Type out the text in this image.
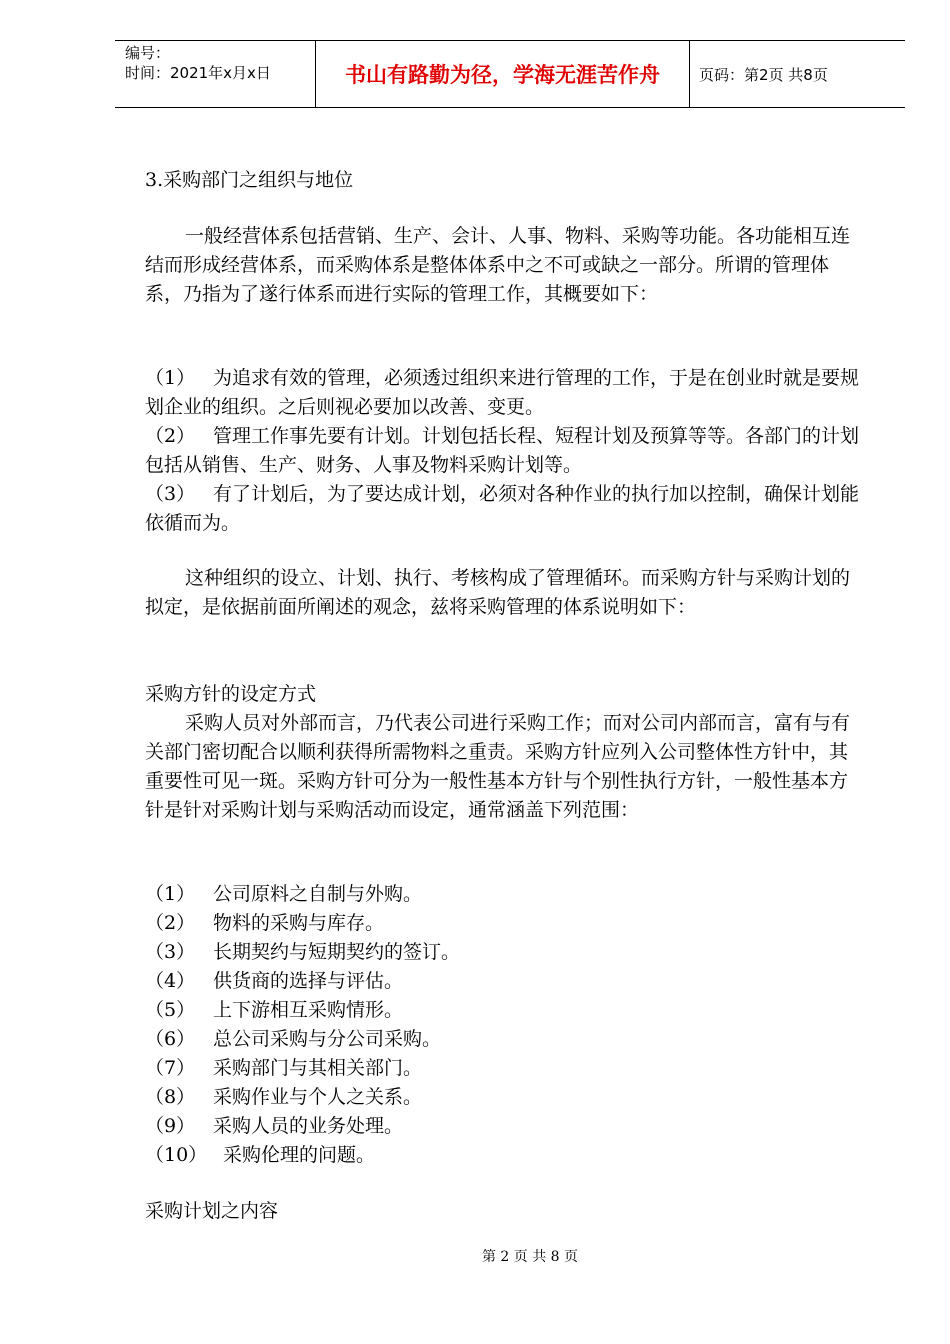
编号：
时间：2021年x月x日	书山有路勤为径，学海无涯苦作舟	页码：第2页 共8页
3.采购部门之组织与地位
一般经营体系包括营销、生产、会计、人事、物料、采购等功能。各功能相互连结而形成经营体系，而采购体系是整体体系中之不可或缺之一部分。所谓的管理体系，乃指为了遂行体系而进行实际的管理工作，其概要如下：
（1） 为追求有效的管理，必须透过组织来进行管理的工作，于是在创业时就是要规划企业的组织。之后则视必要加以改善、变更。
（2） 管理工作事先要有计划。计划包括长程、短程计划及预算等等。各部门的计划包括从销售、生产、财务、人事及物料采购计划等。
（3） 有了计划后，为了要达成计划，必须对各种作业的执行加以控制，确保计划能依循而为。
这种组织的设立、计划、执行、考核构成了管理循环。而采购方针与采购计划的拟定，是依据前面所阐述的观念，兹将采购管理的体系说明如下：
采购方针的设定方式
采购人员对外部而言，乃代表公司进行采购工作；而对公司内部而言，富有与有关部门密切配合以顺利获得所需物料之重责。采购方针应列入公司整体性方针中，其重要性可见一斑。采购方针可分为一般性基本方针与个别性执行方针，一般性基本方针是针对采购计划与采购活动而设定，通常涵盖下列范围：
（1） 公司原料之自制与外购。
（2） 物料的采购与库存。
（3） 长期契约与短期契约的签订。
（4） 供货商的选择与评估。
（5） 上下游相互采购情形。
（6） 总公司采购与分公司采购。
（7） 采购部门与其相关部门。
（8） 采购作业与个人之关系。
（9） 采购人员的业务处理。
（10） 采购伦理的问题。
采购计划之内容
第 2 页 共 8 页
